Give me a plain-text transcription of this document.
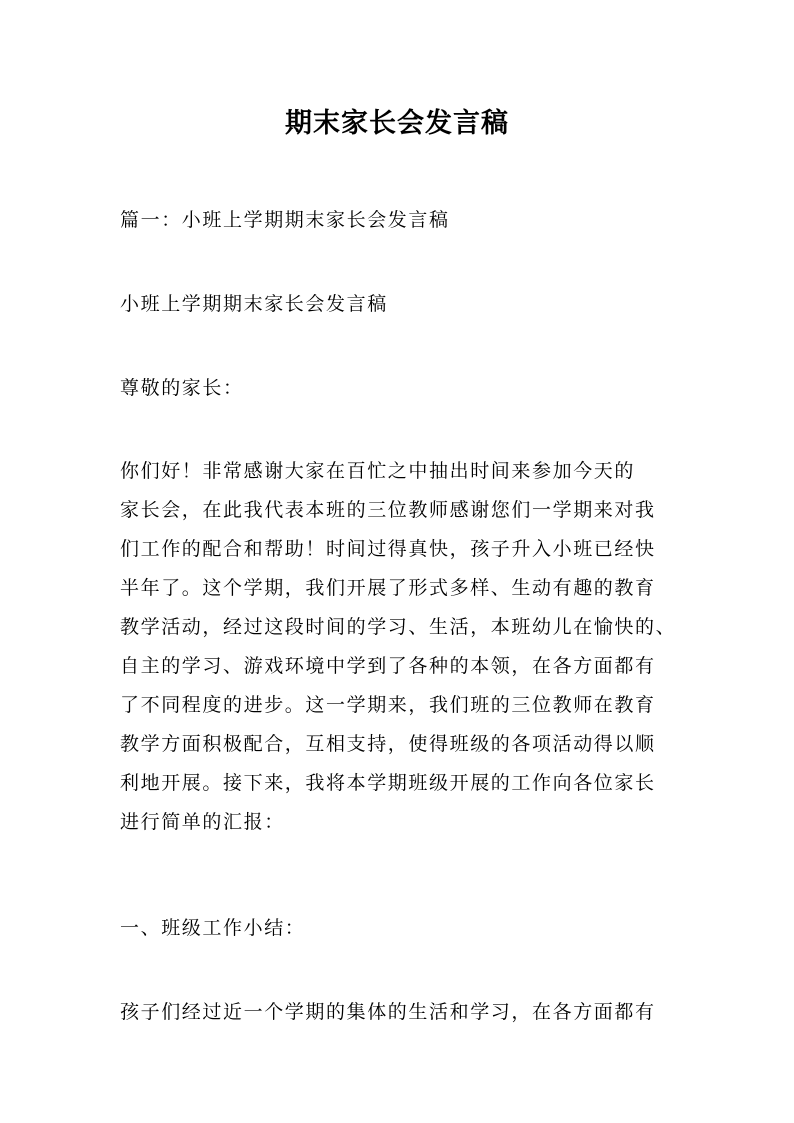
期末家长会发言稿

篇一：小班上学期期末家长会发言稿

小班上学期期末家长会发言稿

尊敬的家长：

你们好！非常感谢大家在百忙之中抽出时间来参加今天的
家长会，在此我代表本班的三位教师感谢您们一学期来对我
们工作的配合和帮助！时间过得真快，孩子升入小班已经快
半年了。这个学期，我们开展了形式多样、生动有趣的教育
教学活动，经过这段时间的学习、生活，本班幼儿在愉快的、
自主的学习、游戏环境中学到了各种的本领，在各方面都有
了不同程度的进步。这一学期来，我们班的三位教师在教育
教学方面积极配合，互相支持，使得班级的各项活动得以顺
利地开展。接下来，我将本学期班级开展的工作向各位家长
进行简单的汇报：

一、班级工作小结：

孩子们经过近一个学期的集体的生活和学习，在各方面都有
